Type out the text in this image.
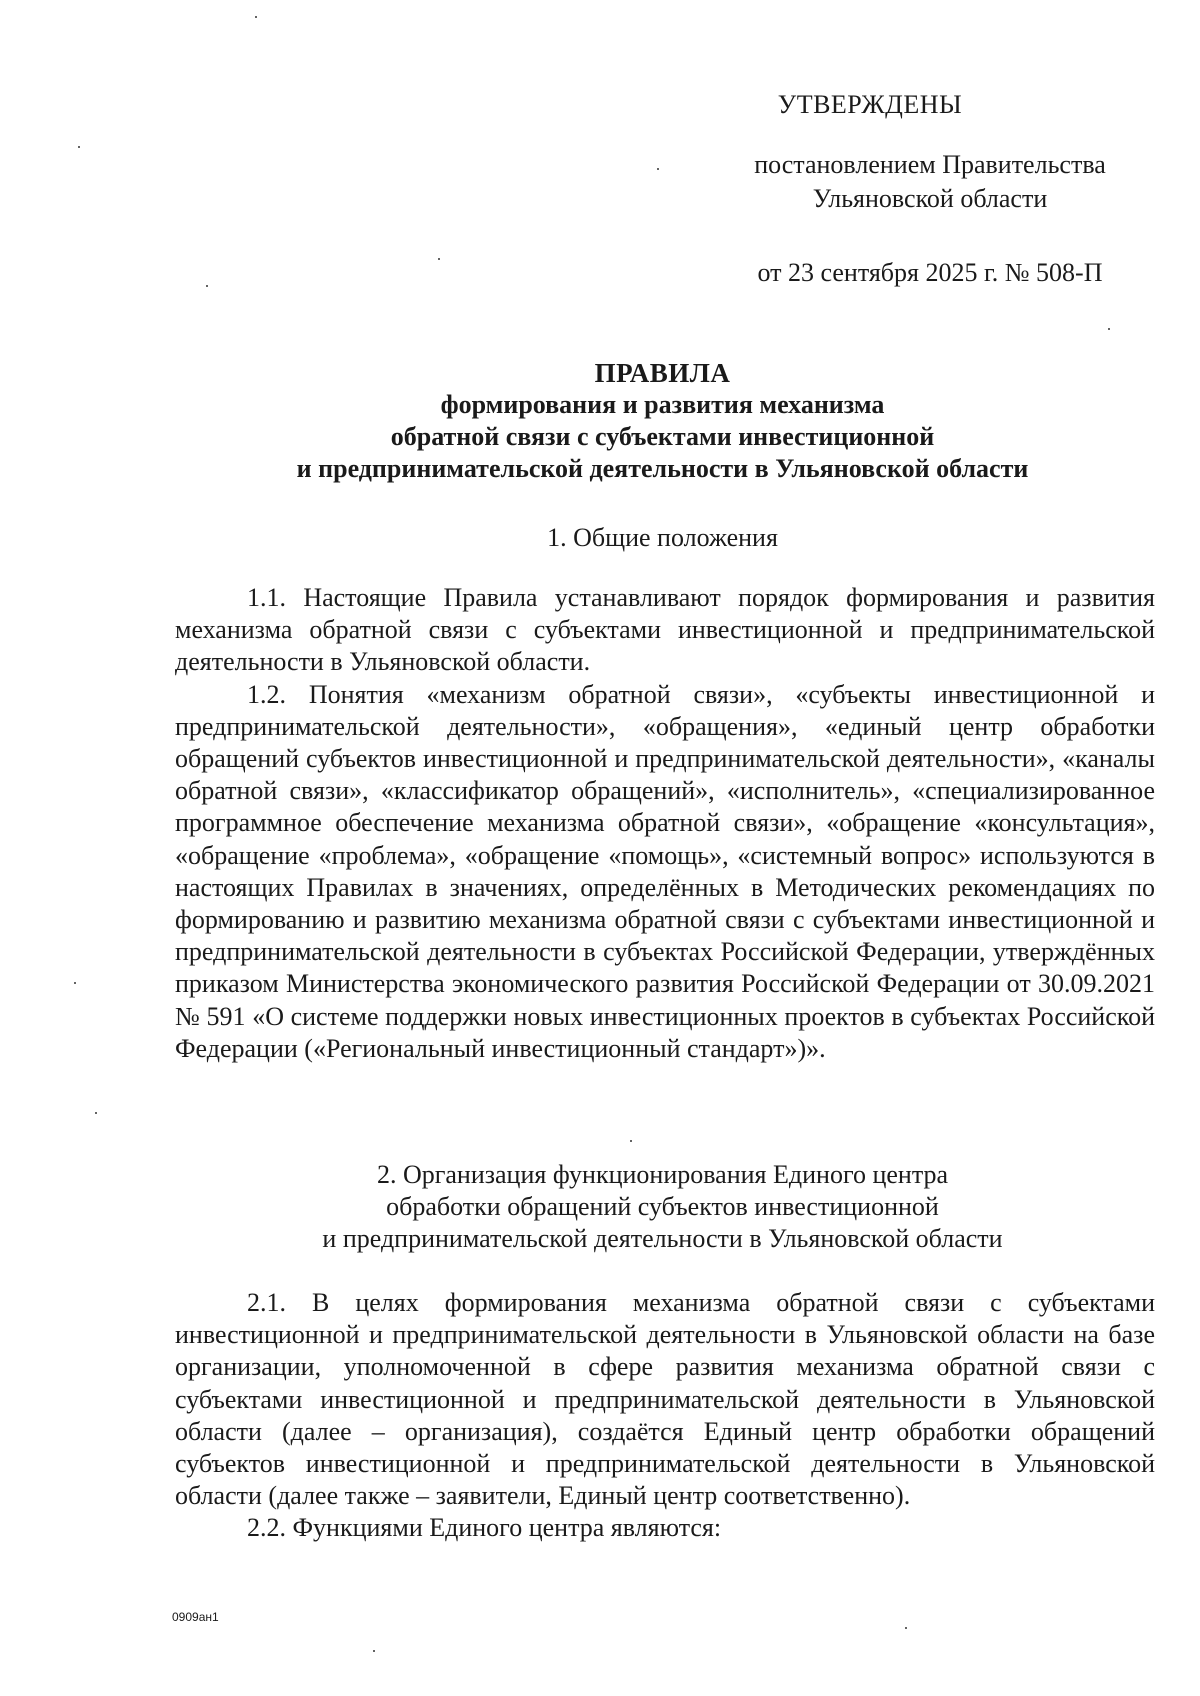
УТВЕРЖДЕНЫ
постановлением Правительства
Ульяновской области
от 23 сентября 2025 г. № 508-П
ПРАВИЛА
формирования и развития механизма
обратной связи с субъектами инвестиционной
и предпринимательской деятельности в Ульяновской области
1. Общие положения

1.1. Настоящие Правила устанавливают порядок формирования и развития механизма обратной связи с субъектами инвестиционной и предпринимательской деятельности в Ульяновской области.

1.2. Понятия «механизм обратной связи», «субъекты инвестиционной и предпринимательской деятельности», «обращения», «единый центр обработки обращений субъектов инвестиционной и предпринимательской деятельности», «каналы обратной связи», «классификатор обращений», «исполнитель», «специализированное программное обеспечение механизма обратной связи», «обращение «консультация», «обращение «проблема», «обращение «помощь», «системный вопрос» используются в настоящих Правилах в значениях, определённых в Методических рекомендациях по формированию и развитию механизма обратной связи с субъектами инвестиционной и предпринимательской деятельности в субъектах Российской Федерации, утверждённых приказом Министерства экономического развития Российской Федерации от 30.09.2021 № 591 «О системе поддержки новых инвестиционных проектов в субъектах Российской Федерации («Региональный инвестиционный стандарт»)».

2. Организация функционирования Единого центра
обработки обращений субъектов инвестиционной
и предпринимательской деятельности в Ульяновской области

2.1. В целях формирования механизма обратной связи с субъектами инвестиционной и предпринимательской деятельности в Ульяновской области на базе организации, уполномоченной в сфере развития механизма обратной связи с субъектами инвестиционной и предпринимательской деятельности в Ульяновской области (далее – организация), создаётся Единый центр обработки обращений субъектов инвестиционной и предпринимательской деятельности в Ульяновской области (далее также – заявители, Единый центр соответственно).

2.2. Функциями Единого центра являются:

0909ан1
